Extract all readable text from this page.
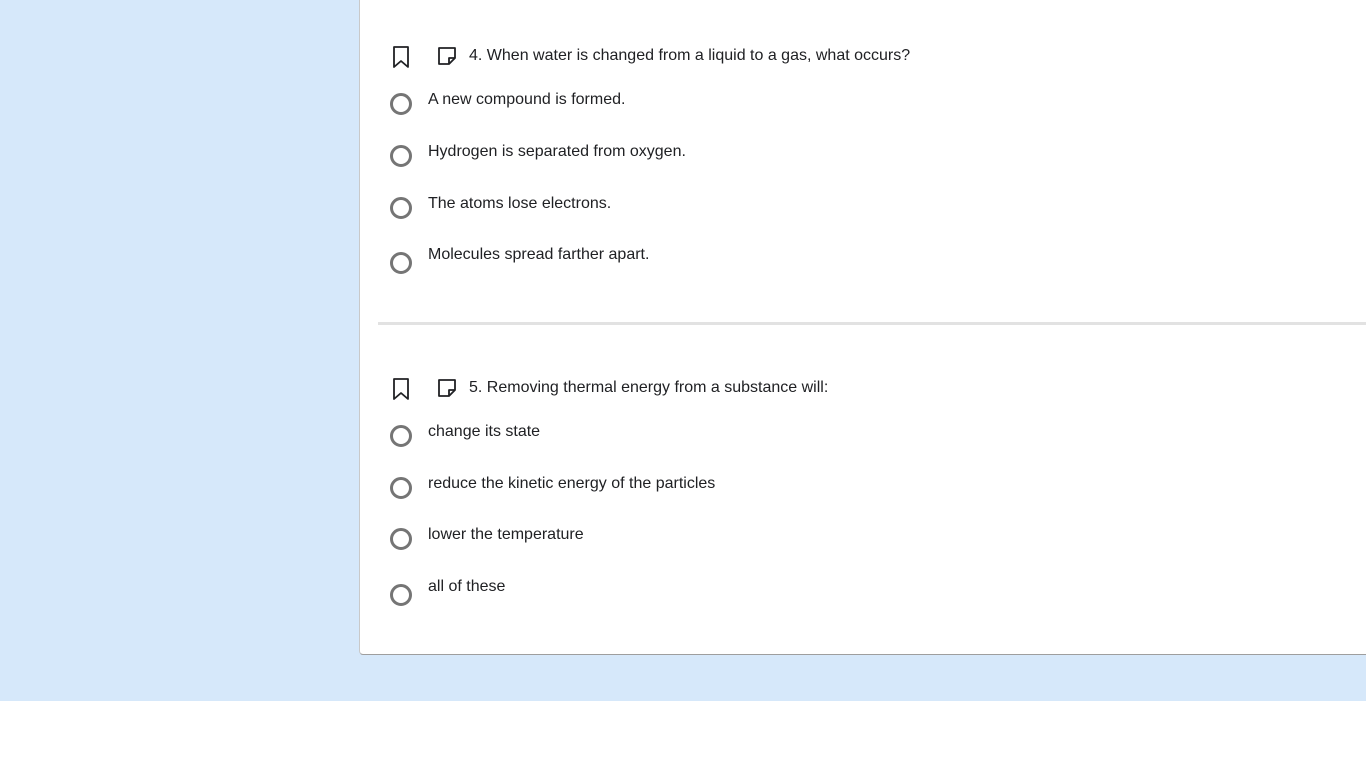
4. When water is changed from a liquid to a gas, what occurs?
A new compound is formed.
Hydrogen is separated from oxygen.
The atoms lose electrons.
Molecules spread farther apart.
5. Removing thermal energy from a substance will:
change its state
reduce the kinetic energy of the particles
lower the temperature
all of these
